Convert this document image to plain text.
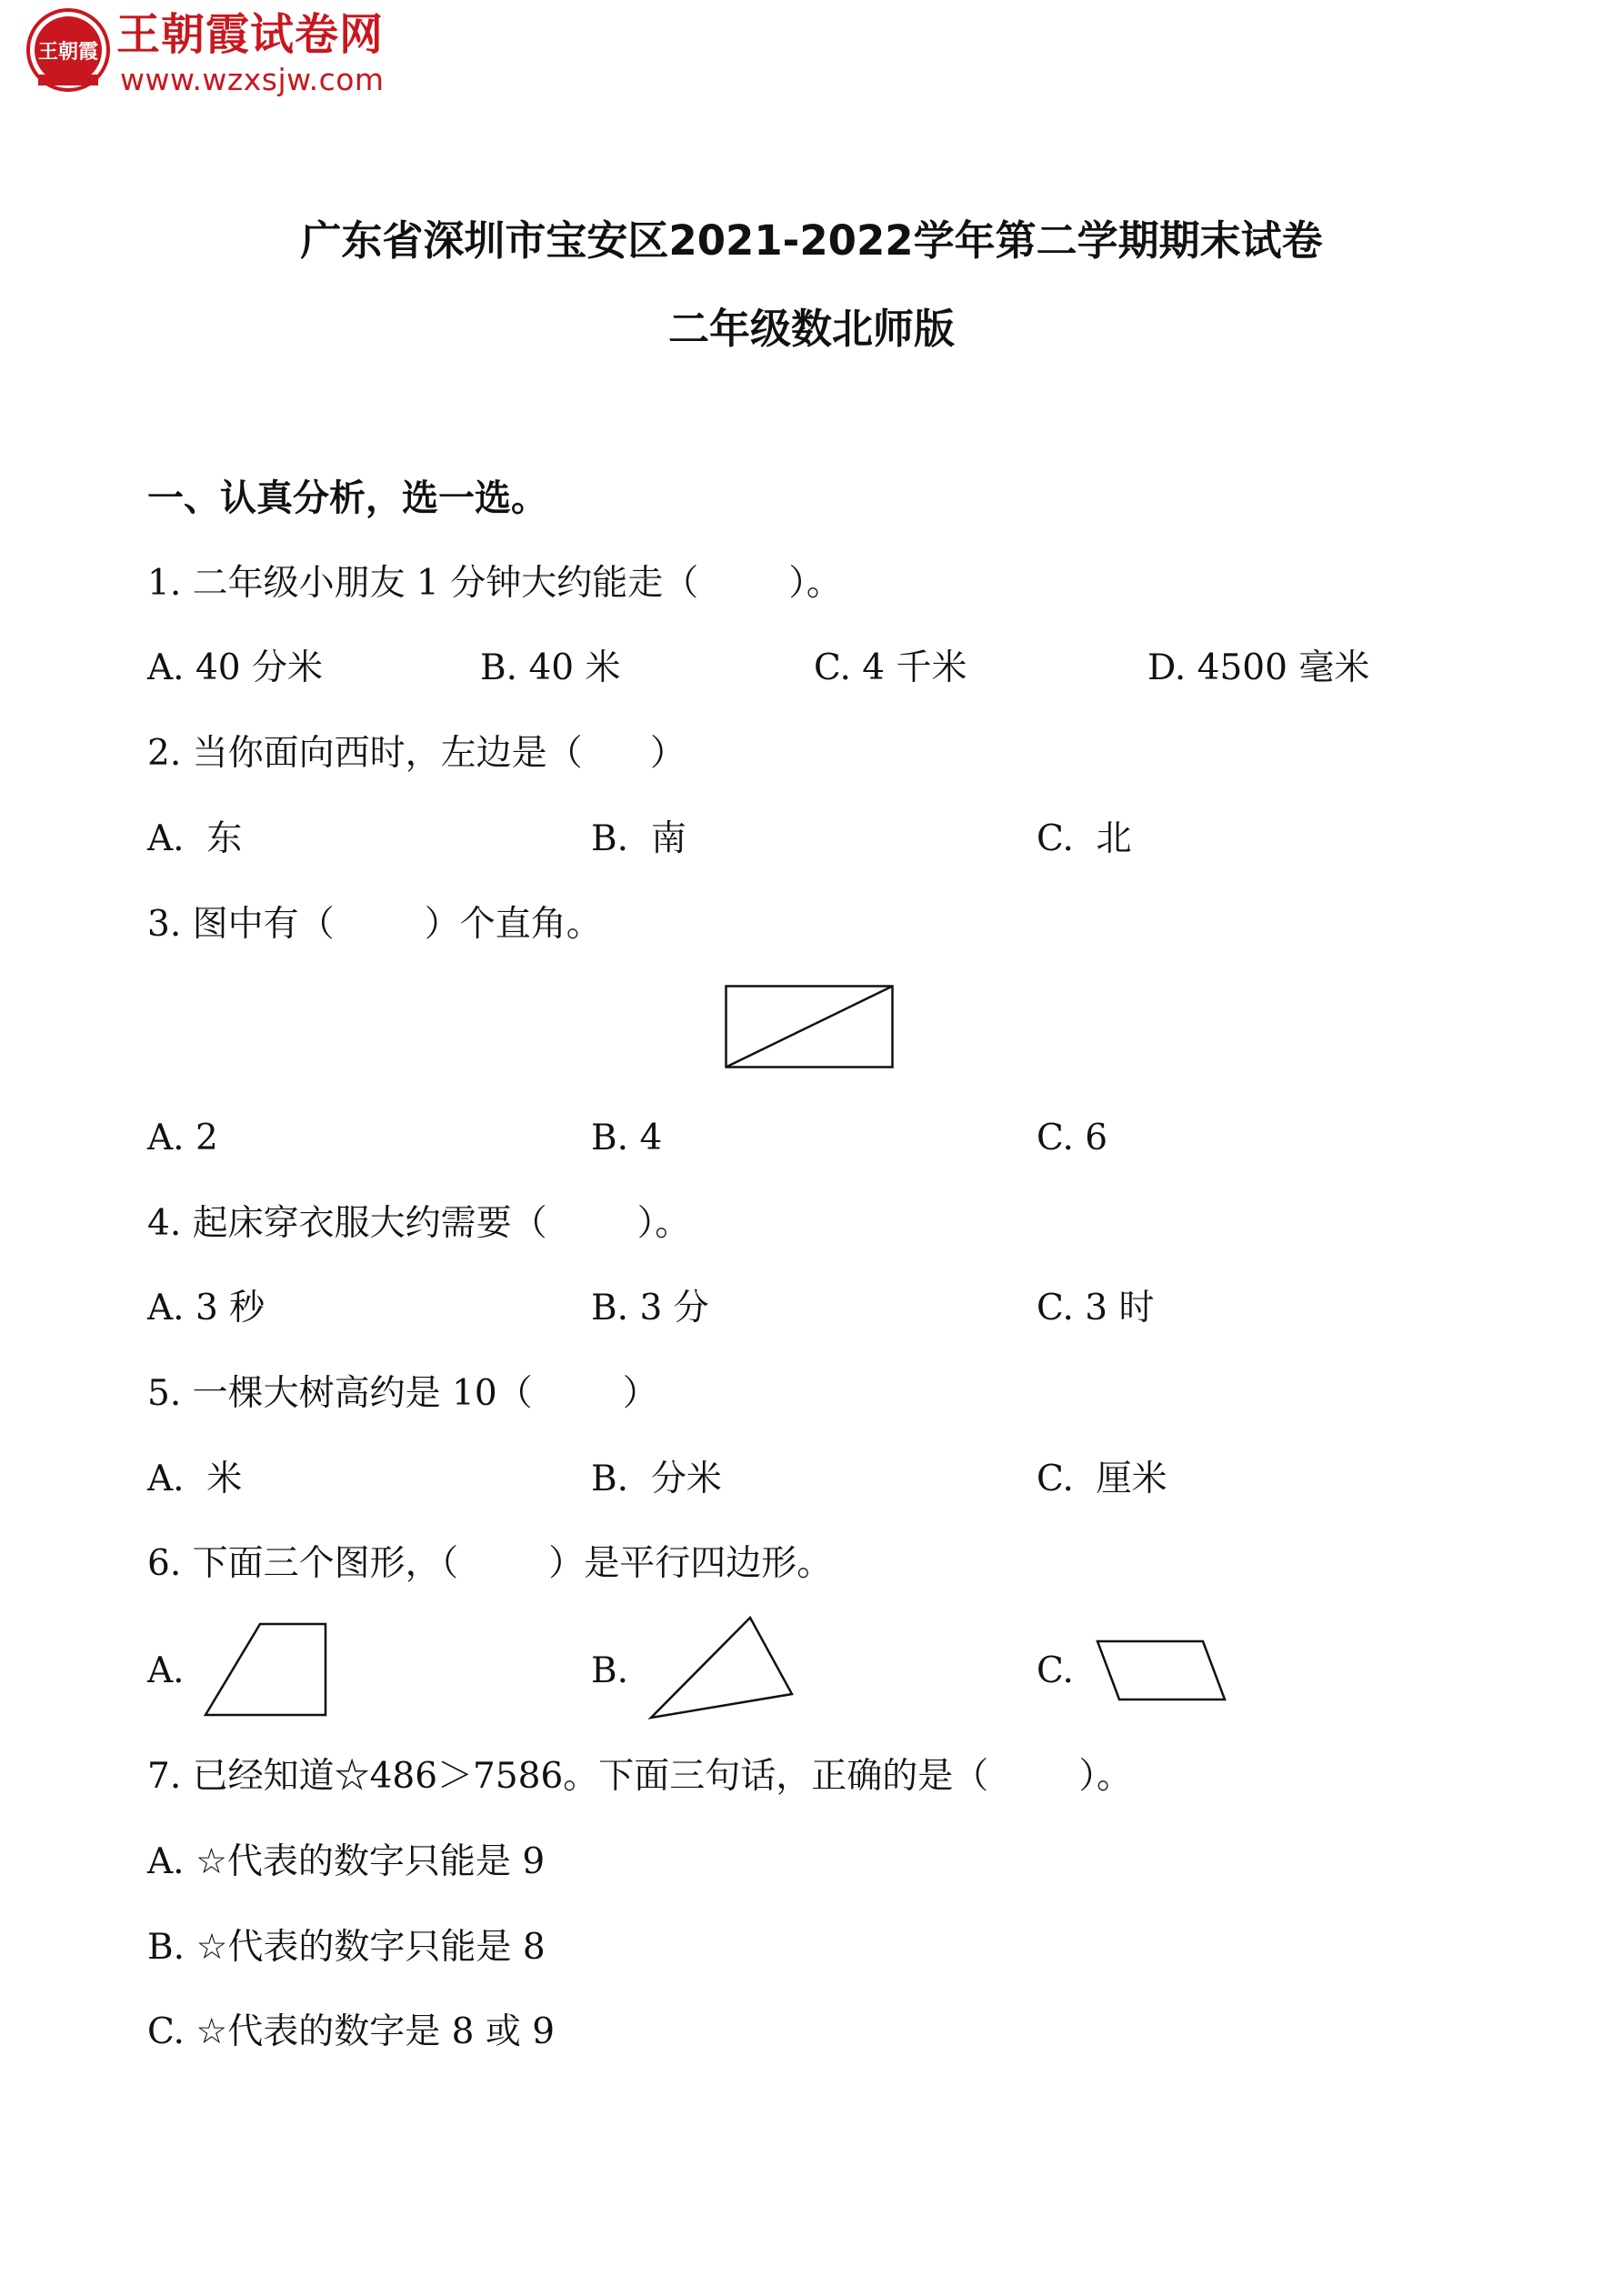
王朝霞 王朝霞试卷网
www.wzxsjw.com
广东省深圳市宝安区2021-2022学年第二学期期末试卷
二年级数北师版
一、认真分析，选一选。
1. 二年级小朋友 1 分钟大约能走（        ）。
A. 40 分米	B. 40 米	C. 4 千米	D. 4500 毫米
2. 当你面向西时，左边是（      ）
A.  东	B.  南	C.  北
3. 图中有（        ）个直角。
A. 2	B. 4	C. 6
4. 起床穿衣服大约需要（        ）。
A. 3 秒	B. 3 分	C. 3 时
5. 一棵大树高约是 10（        ）
A.  米	B.  分米	C.  厘米
6. 下面三个图形，（        ）是平行四边形。
A.	B.	C.
7. 已经知道☆486＞7586。下面三句话，正确的是（        ）。
A. ☆代表的数字只能是 9
B. ☆代表的数字只能是 8
C. ☆代表的数字是 8 或 9
